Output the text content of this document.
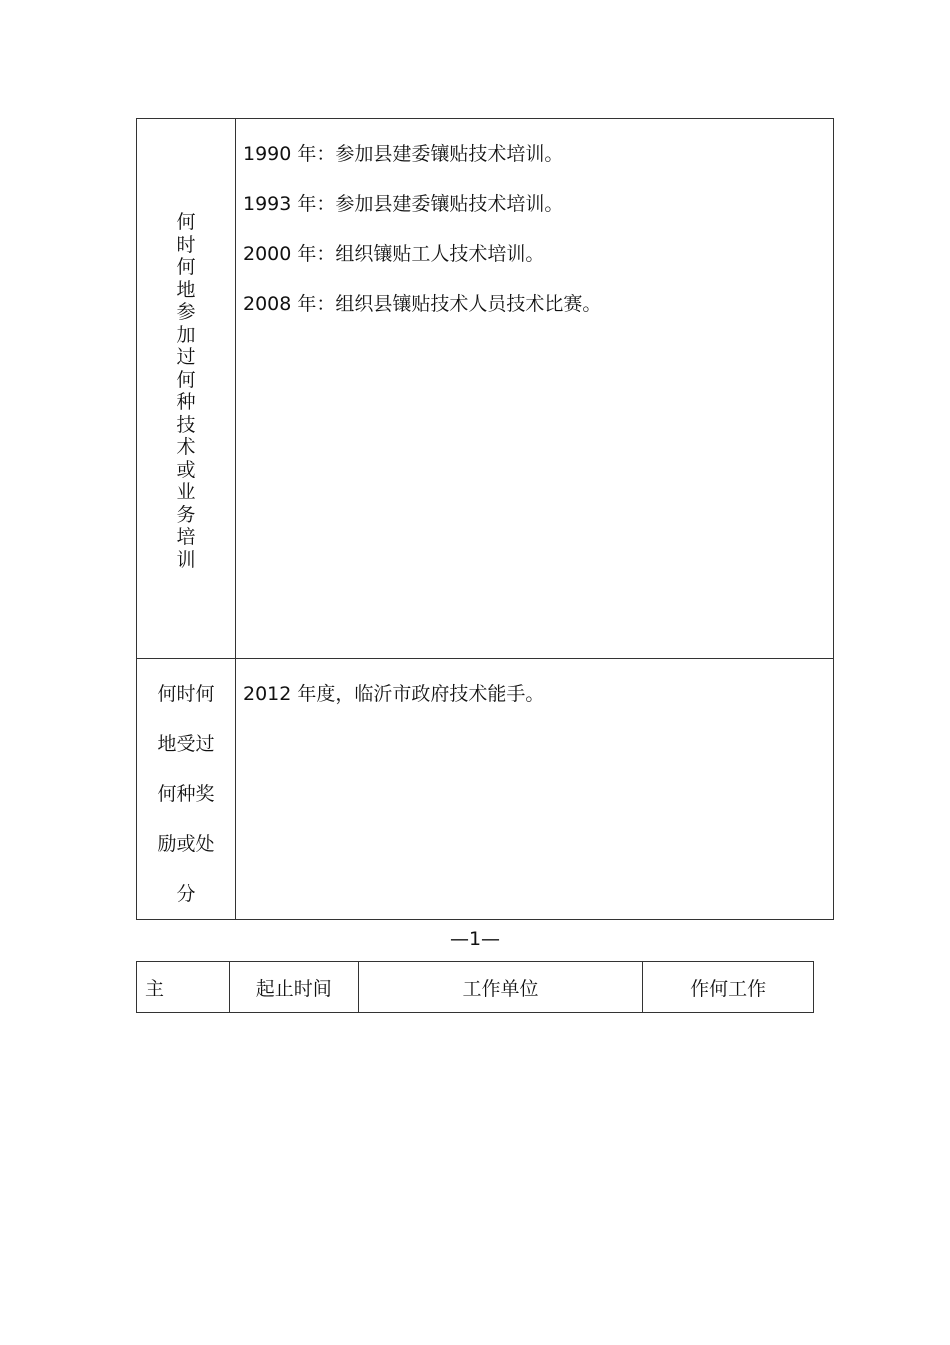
何时何地参加过何种技术或业务培训	1990 年：参加县建委镶贴技术培训。
1993 年：参加县建委镶贴技术培训。
2000 年：组织镶贴工人技术培训。
2008 年：组织县镶贴技术人员技术比赛。

何时何地受过何种奖励或处分	2012 年度，临沂市政府技术能手。
—1—
主	起止时间	工作单位	作何工作
